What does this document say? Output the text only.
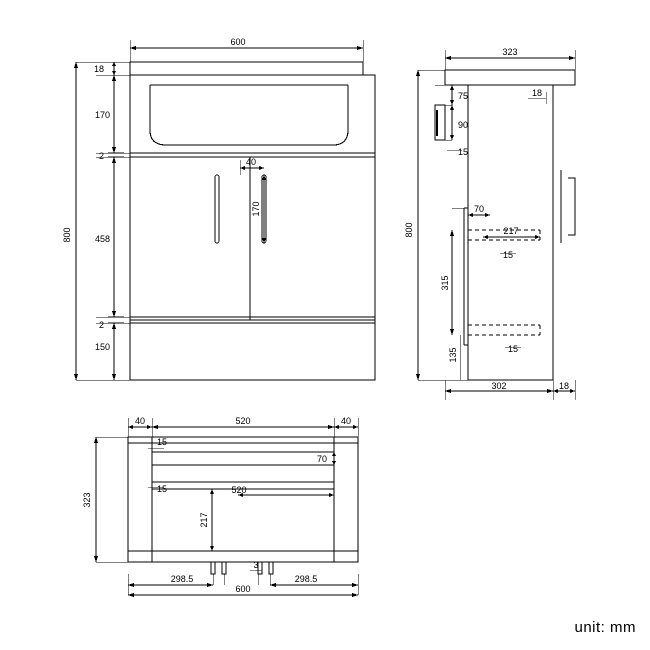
600
18
170
2
458
2
150
800
40
170
323
800
75
90
15
18
70
217
15
315
135	15
302	18
520
40	40
323
15
70
15	520
217
298.5
3
298.5
600
unit: mm
